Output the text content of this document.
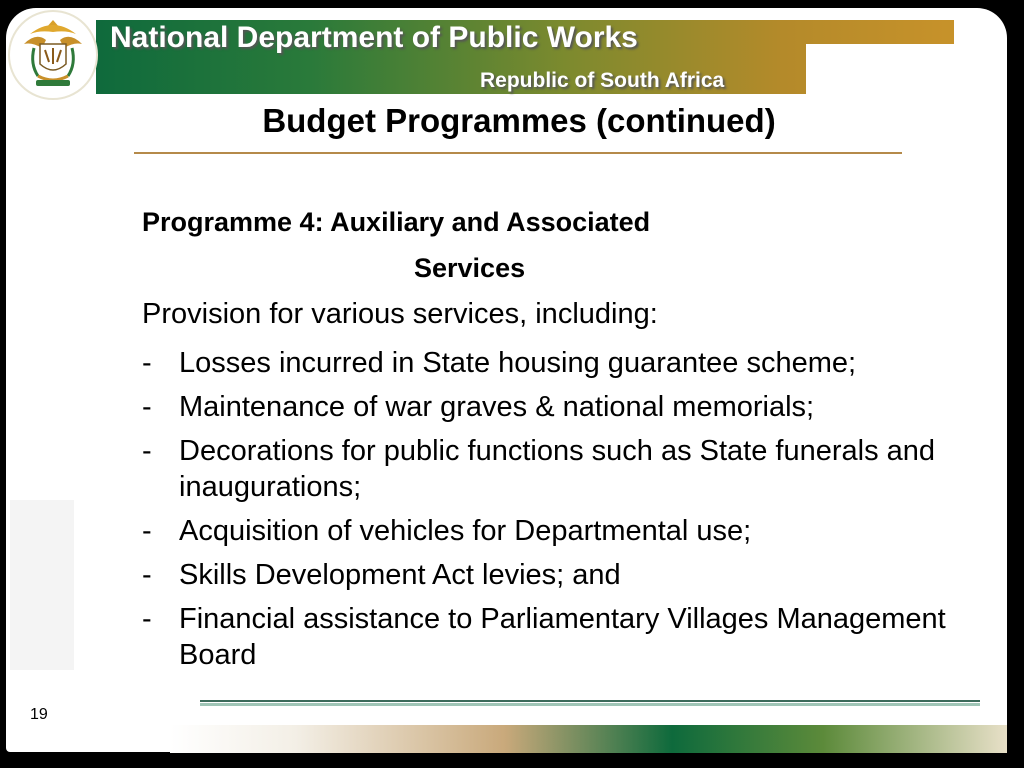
National Department of Public Works
Republic of South Africa
Budget Programmes (continued)
Programme 4: Auxiliary and Associated
Services
Provision for various services, including:
- Losses incurred in State housing guarantee scheme;
- Maintenance of war graves & national memorials;
- Decorations for public functions such as State funerals and inaugurations;
- Acquisition of vehicles for Departmental use;
- Skills Development Act levies; and
- Financial assistance to Parliamentary Villages Management Board
19
